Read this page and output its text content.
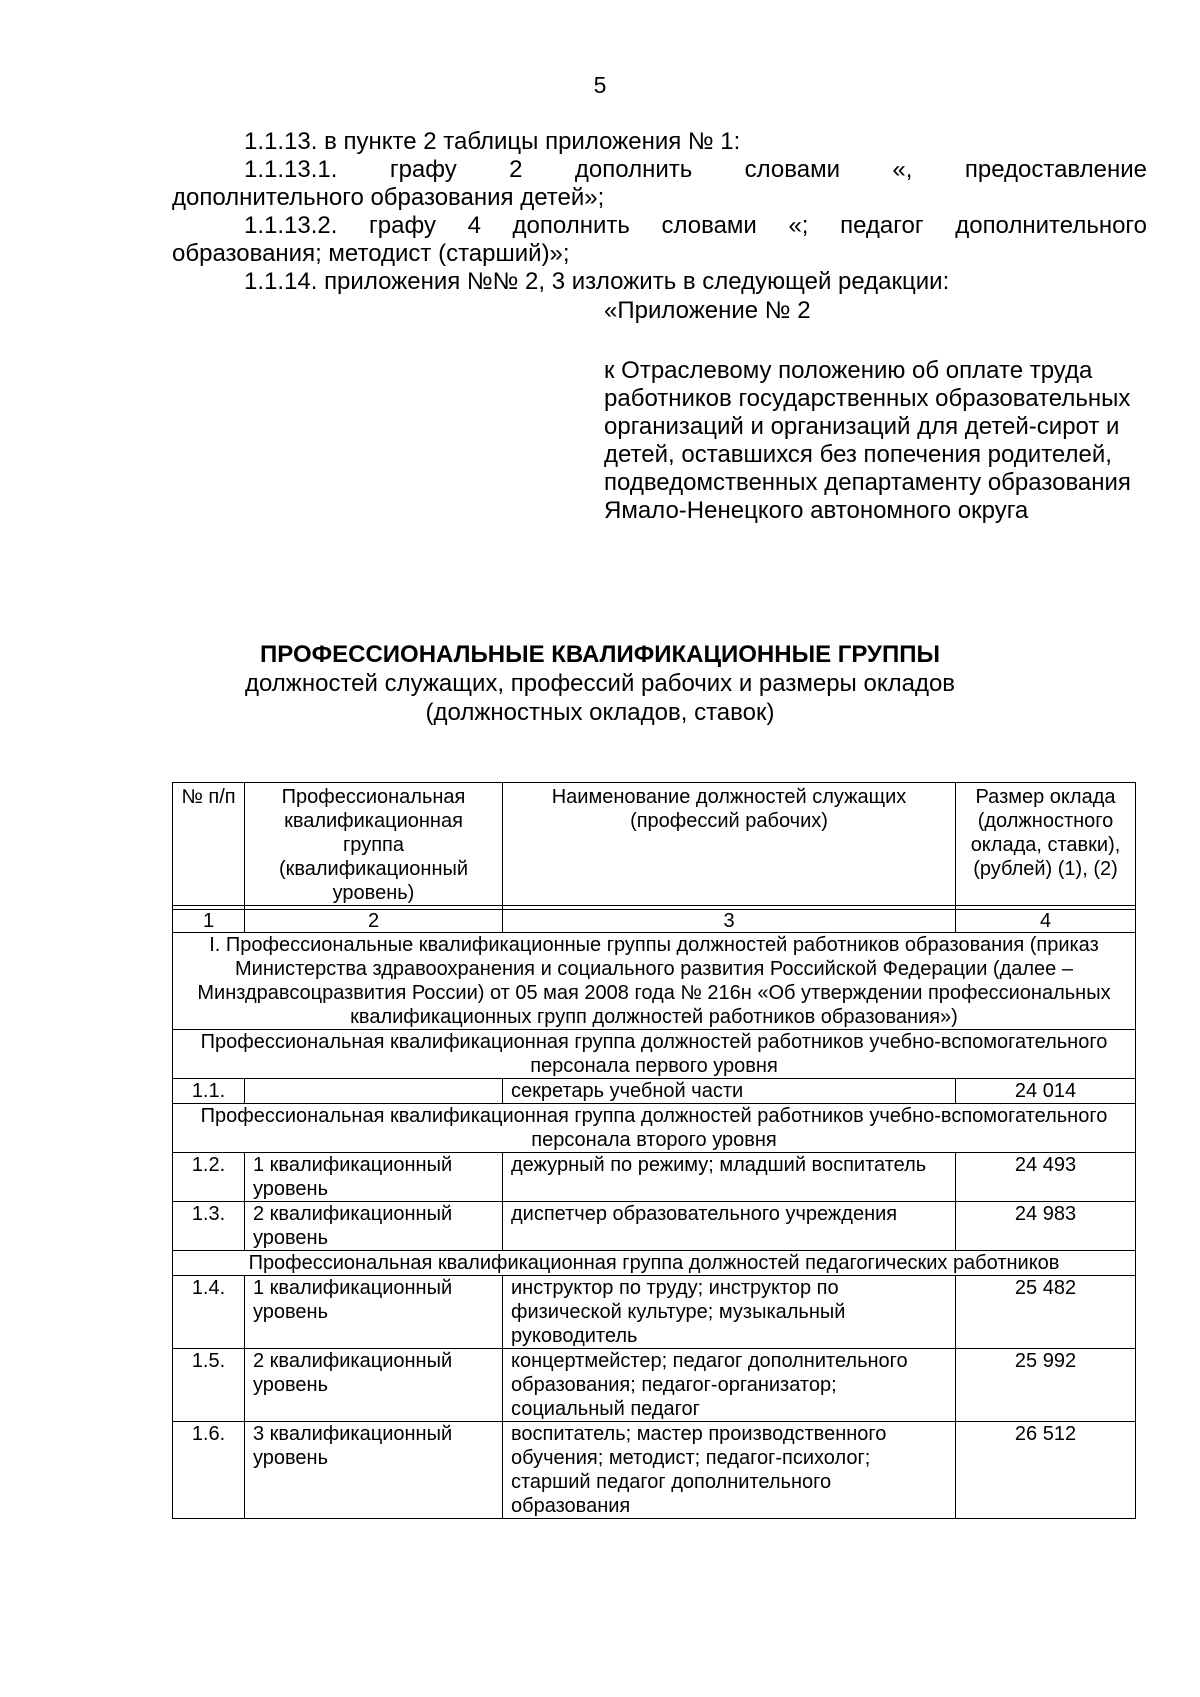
5

1.1.13. в пункте 2 таблицы приложения № 1:

1.1.13.1. графу 2 дополнить словами «, предоставление

дополнительного образования детей»;

1.1.13.2. графу 4 дополнить словами «; педагог дополнительного

образования; методист (старший)»;

1.1.14. приложения №№ 2, 3 изложить в следующей редакции:

«Приложение № 2

к Отраслевому положению об оплате труда работников государственных образовательных организаций и организаций для детей-сирот и детей, оставшихся без попечения родителей, подведомственных департаменту образования Ямало-Ненецкого автономного округа

ПРОФЕССИОНАЛЬНЫЕ КВАЛИФИКАЦИОННЫЕ ГРУППЫ
должностей служащих, профессий рабочих и размеры окладов
(должностных окладов, ставок)
№ п/п	Профессиональная квалификационная группа (квалификационный уровень)	Наименование должностей служащих (профессий рабочих)	Размер оклада (должностного оклада, ставки), (рублей) (1), (2)

1	2	3	4
I. Профессиональные квалификационные группы должностей работников образования (приказ Министерства здравоохранения и социального развития Российской Федерации (далее – Минздравсоцразвития России) от 05 мая 2008 года № 216н «Об утверждении профессиональных квалификационных групп должностей работников образования»)			
Профессиональная квалификационная группа должностей работников учебно-вспомогательного персонала первого уровня			
1.1.		секретарь учебной части	24 014
Профессиональная квалификационная группа должностей работников учебно-вспомогательного персонала второго уровня			
1.2.	1 квалификационный уровень	дежурный по режиму; младший воспитатель	24 493
1.3.	2 квалификационный уровень	диспетчер образовательного учреждения	24 983
Профессиональная квалификационная группа должностей педагогических работников			
1.4.	1 квалификационный уровень	инструктор по труду; инструктор по физической культуре; музыкальный руководитель	25 482
1.5.	2 квалификационный уровень	концертмейстер; педагог дополнительного образования; педагог-организатор; социальный педагог	25 992
1.6.	3 квалификационный уровень	воспитатель; мастер производственного обучения; методист; педагог-психолог; старший педагог дополнительного образования	26 512
